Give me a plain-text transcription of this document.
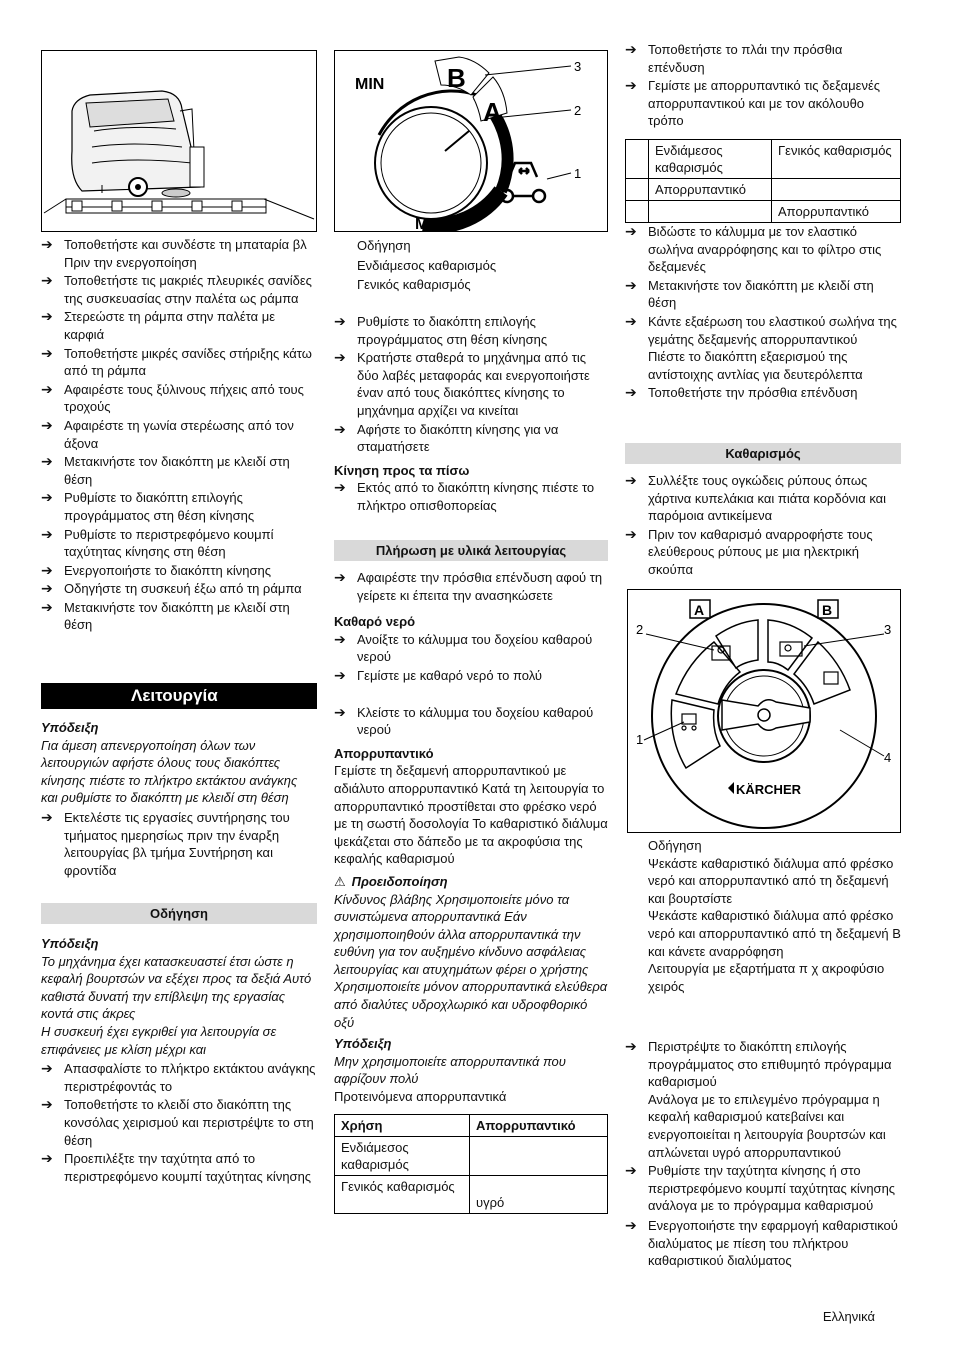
➔ Τοποθετήστε και συνδέστε τη μπαταρία βλ Πριν την ενεργοποίηση

➔ Τοποθετήστε τις μακριές πλευρικές σανίδες της συσκευασίας στην παλέτα ως ράμπα

➔ Στερεώστε τη ράμπα στην παλέτα με καρφιά

➔ Τοποθετήστε μικρές σανίδες στήριξης κάτω από τη ράμπα

➔ Αφαιρέστε τους ξύλινους πήχεις από τους τροχούς

➔ Αφαιρέστε τη γωνία στερέωσης από τον άξονα

➔ Μετακινήστε τον διακόπτη με κλειδί στη θέση

➔ Ρυθμίστε το διακόπτη επιλογής προγράμματος στη θέση κίνησης

➔ Ρυθμίστε το περιστρεφόμενο κουμπί ταχύτητας κίνησης στη θέση

➔ Ενεργοποιήστε το διακόπτη κίνησης

➔ Οδηγήστε τη συσκευή έξω από τη ράμπα

➔ Μετακινήστε τον διακόπτη με κλειδί στη θέση

Λειτουργία

Υπόδειξη

Για άμεση απενεργοποίηση όλων των λειτουργιών αφήστε όλους τους διακόπτες κίνησης πιέστε το πλήκτρο εκτάκτου ανάγκης και ρυθμίστε το διακόπτη με κλειδί στη θέση

➔ Εκτελέστε τις εργασίες συντήρησης του τμήματος ημερησίως πριν την έναρξη λειτουργίας βλ τμήμα Συντήρηση και φροντίδα

Οδήγηση

Υπόδειξη

Το μηχάνημα έχει κατασκευαστεί έτσι ώστε η κεφαλή βουρτσών να εξέχει προς τα δεξιά Αυτό καθιστά δυνατή την επίβλεψη της εργασίας κοντά στις άκρες

Η συσκευή έχει εγκριθεί για λειτουργία σε επιφάνειες με κλίση μέχρι και

➔ Απασφαλίστε το πλήκτρο εκτάκτου ανάγκης περιστρέφοντάς το

➔ Τοποθετήστε το κλειδί στο διακόπτη της κονσόλας χειρισμού και περιστρέψτε το στη θέση

➔ Προεπιλέξτε την ταχύτητα από το περιστρεφόμενο κουμπί ταχύτητας κίνησης

B
A
3
2
1
MIN
MAX

Οδήγηση

Ενδιάμεσος καθαρισμός

Γενικός καθαρισμός

➔ Ρυθμίστε το διακόπτη επιλογής προγράμματος στη θέση κίνησης

➔ Κρατήστε σταθερά το μηχάνημα από τις δύο λαβές μεταφοράς και ενεργοποιήστε έναν από τους διακόπτες κίνησης το μηχάνημα αρχίζει να κινείται

➔ Αφήστε το διακόπτη κίνησης για να σταματήσετε

Κίνηση προς τα πίσω

➔ Εκτός από το διακόπτη κίνησης πιέστε το πλήκτρο οπισθοπορείας

Πλήρωση με υλικά λειτουργίας

➔ Αφαιρέστε την πρόσθια επένδυση αφού τη γείρετε κι έπειτα την ανασηκώσετε

Καθαρό νερό

➔ Ανοίξτε το κάλυμμα του δοχείου καθαρού νερού

➔ Γεμίστε με καθαρό νερό το πολύ

➔ Κλείστε το κάλυμμα του δοχείου καθαρού νερού

Απορρυπαντικό

Γεμίστε τη δεξαμενή απορρυπαντικού με αδιάλυτο απορρυπαντικό Κατά τη λειτουργία το απορρυπαντικό προστίθεται στο φρέσκο νερό με τη σωστή δοσολογία Το καθαριστικό διάλυμα ψεκάζεται στο δάπεδο με τα ακροφύσια της κεφαλής καθαρισμού

⚠ Προειδοποίηση

Κίνδυνος βλάβης Χρησιμοποιείτε μόνο τα συνιστώμενα απορρυπαντικά Εάν χρησιμοποιηθούν άλλα απορρυπαντικά την ευθύνη για τον αυξημένο κίνδυνο ασφάλειας λειτουργίας και ατυχημάτων φέρει ο χρήστης

Χρησιμοποιείτε μόνον απορρυπαντικά ελεύθερα από διαλύτες υδροχλωρικό και υδροφθορικό οξύ

Υπόδειξη

Μην χρησιμοποιείτε απορρυπαντικά που αφρίζουν πολύ

Προτεινόμενα απορρυπαντικά

Χρήση	Απορρυπαντικό
Ενδιάμεσος καθαρισμός	
Γενικός καθαρισμός	υγρό

➔ Τοποθετήστε το πλάι την πρόσθια επένδυση

➔ Γεμίστε με απορρυπαντικό τις δεξαμενές απορρυπαντικού και με τον ακόλουθο τρόπο

	Ενδιάμεσος καθαρισμός	Γενικός καθαρισμός
	Απορρυπαντικό	
		Απορρυπαντικό

➔ Βιδώστε το κάλυμμα με τον ελαστικό σωλήνα αναρρόφησης και το φίλτρο στις δεξαμενές

➔ Μετακινήστε τον διακόπτη με κλειδί στη θέση

➔ Κάντε εξαέρωση του ελαστικού σωλήνα της γεμάτης δεξαμενής απορρυπαντικού

Πιέστε το διακόπτη εξαερισμού της αντίστοιχης αντλίας για δευτερόλεπτα

➔ Τοποθετήστε την πρόσθια επένδυση

Καθαρισμός

➔ Συλλέξτε τους ογκώδεις ρύπους όπως χάρτινα κυπελάκια και πιάτα κορδόνια και παρόμοια αντικείμενα

➔ Πριν τον καθαρισμό αναρροφήστε τους ελεύθερους ρύπους με μια ηλεκτρική σκούπα

A	B
2	3
1
4
KÄRCHER

Οδήγηση

Ψεκάστε καθαριστικό διάλυμα από φρέσκο νερό και απορρυπαντικό από τη δεξαμενή και βουρτσίστε

Ψεκάστε καθαριστικό διάλυμα από φρέσκο νερό και απορρυπαντικό από τη δεξαμενή B και κάνετε αναρρόφηση

Λειτουργία με εξαρτήματα π χ ακροφύσιο χειρός

➔ Περιστρέψτε το διακόπτη επιλογής προγράμματος στο επιθυμητό πρόγραμμα καθαρισμού

Ανάλογα με το επιλεγμένο πρόγραμμα η κεφαλή καθαρισμού κατεβαίνει και ενεργοποιείται η λειτουργία βουρτσών και απλώνεται υγρό απορρυπαντικού

➔ Ρυθμίστε την ταχύτητα κίνησης ή στο περιστρεφόμενο κουμπί ταχύτητας κίνησης ανάλογα με το πρόγραμμα καθαρισμού

➔ Ενεργοποιήστε την εφαρμογή καθαριστικού διαλύματος με πίεση του πλήκτρου καθαριστικού διαλύματος

Ελληνικά
